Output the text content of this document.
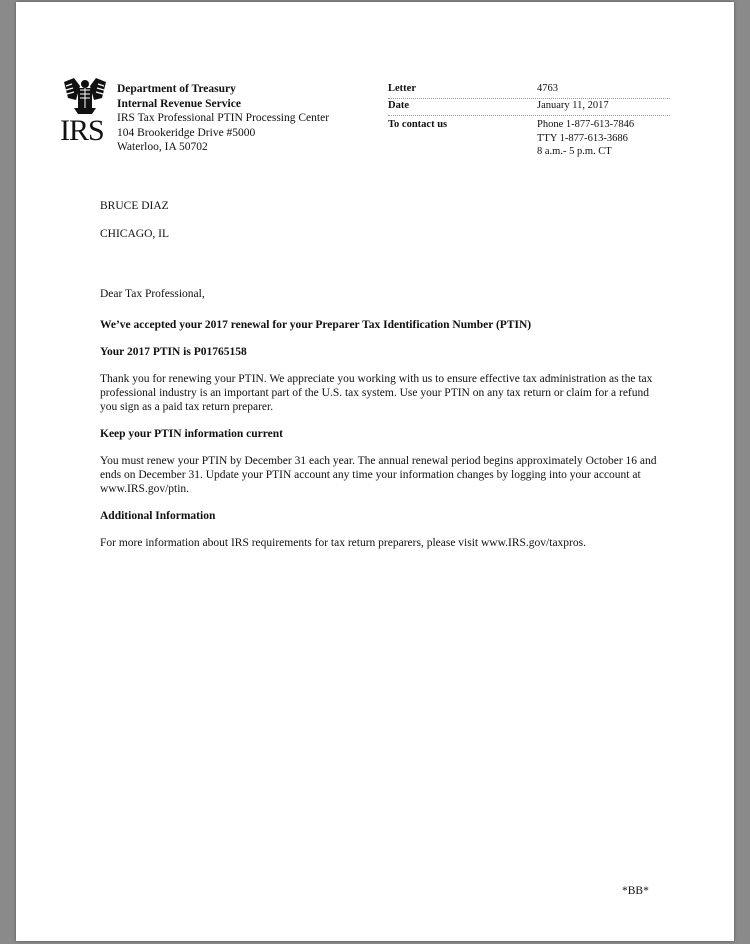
IRS
Department of Treasury
Internal Revenue Service
IRS Tax Professional PTIN Processing Center
104 Brookeridge Drive #5000
Waterloo, IA 50702
Letter	4763
Date	January 11, 2017
To contact us	Phone 1-877-613-7846
TTY 1-877-613-3686
8 a.m.- 5 p.m. CT
BRUCE DIAZ
CHICAGO, IL

Dear Tax Professional,

We’ve accepted your 2017 renewal for your Preparer Tax Identification Number (PTIN)

Your 2017 PTIN is P01765158

Thank you for renewing your PTIN. We appreciate you working with us to ensure effective tax administration as the tax professional industry is an important part of the U.S. tax system. Use your PTIN on any tax return or claim for a refund you sign as a paid tax return preparer.

Keep your PTIN information current

You must renew your PTIN by December 31 each year. The annual renewal period begins approximately October 16 and ends on December 31. Update your PTIN account any time your information changes by logging into your account at www.IRS.gov/ptin.

Additional Information

For more information about IRS requirements for tax return preparers, please visit www.IRS.gov/taxpros.

*BB*
